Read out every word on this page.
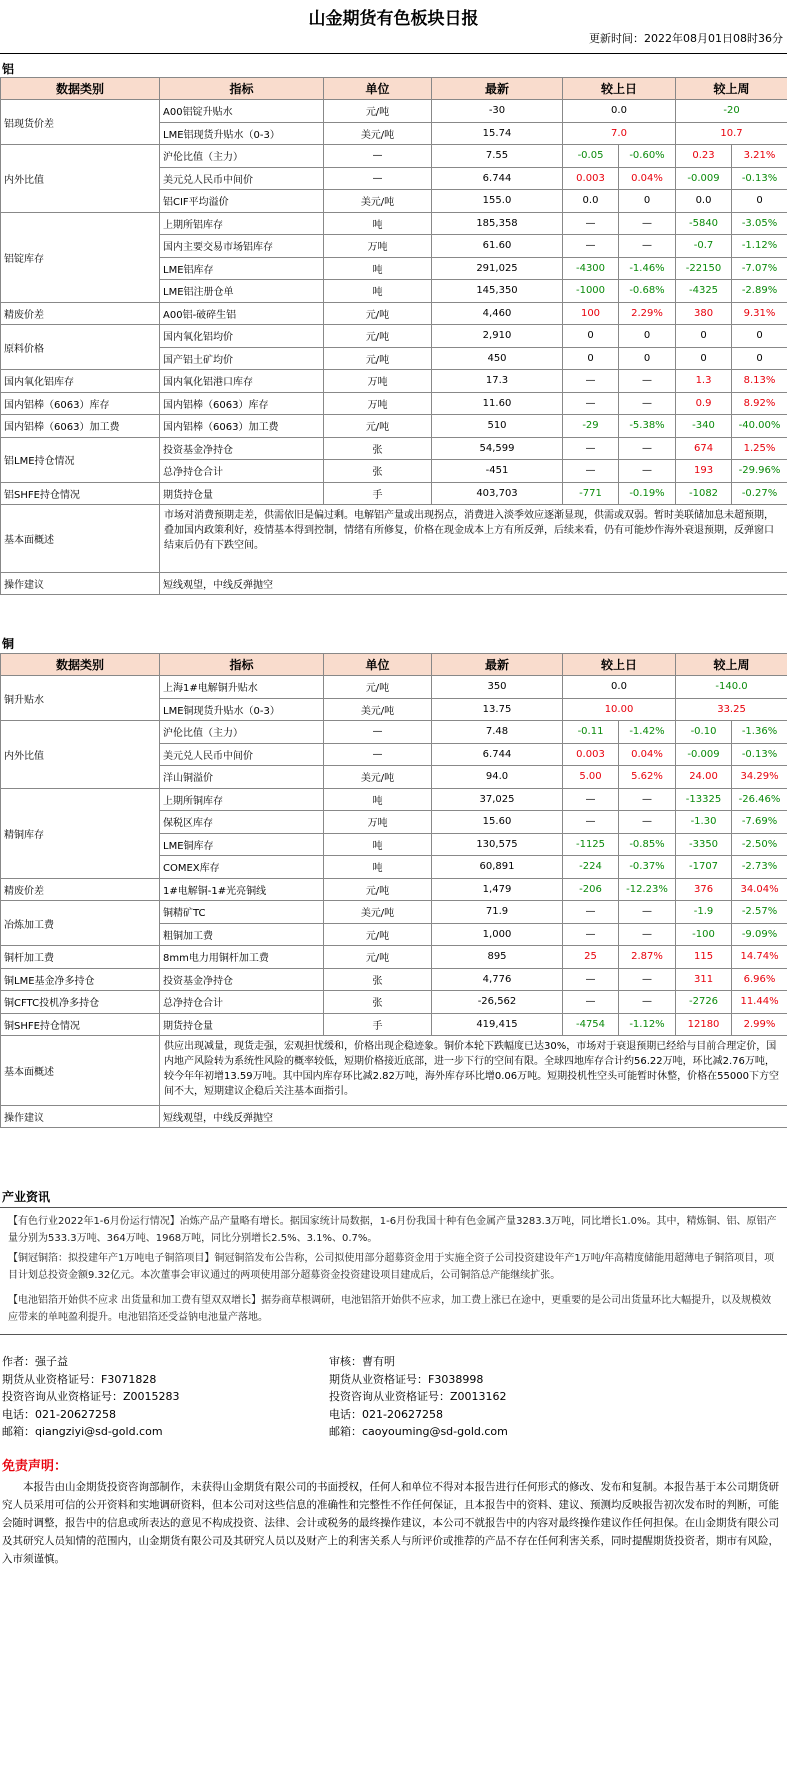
山金期货有色板块日报
更新时间：2022年08月01日08时36分
铝
数据类别	指标	单位	最新	较上日		较上周	
铝现货价差	A00铝锭升贴水	元/吨	-30	0.0		-20	
	LME铝现货升贴水（0-3）	美元/吨	15.74	7.0		10.7	
内外比值	沪伦比值（主力）	—	7.55	-0.05	-0.60%	0.23	3.21%
	美元兑人民币中间价	—	6.744	0.003	0.04%	-0.009	-0.13%
	铝CIF平均溢价	美元/吨	155.0	0.0	0	0.0	0
铝锭库存	上期所铝库存	吨	185,358	—	—	-5840	-3.05%
	国内主要交易市场铝库存	万吨	61.60	—	—	-0.7	-1.12%
	LME铝库存	吨	291,025	-4300	-1.46%	-22150	-7.07%
	LME铝注册仓单	吨	145,350	-1000	-0.68%	-4325	-2.89%
精废价差	A00铝-破碎生铝	元/吨	4,460	100	2.29%	380	9.31%
原料价格	国内氧化铝均价	元/吨	2,910	0	0	0	0
	国产铝土矿均价	元/吨	450	0	0	0	0
国内氧化铝库存	国内氧化铝港口库存	万吨	17.3	—	—	1.3	8.13%
国内铝棒（6063）库存	国内铝棒（6063）库存	万吨	11.60	—	—	0.9	8.92%
国内铝棒（6063）加工费	国内铝棒（6063）加工费	元/吨	510	-29	-5.38%	-340	-40.00%
铝LME持仓情况	投资基金净持仓	张	54,599	—	—	674	1.25%
	总净持仓合计	张	-451	—	—	193	-29.96%
铝SHFE持仓情况	期货持仓量	手	403,703	-771	-0.19%	-1082	-0.27%
基本面概述	市场对消费预期走差，供需依旧是偏过剩。电解铝产量或出现拐点，消费进入淡季效应逐渐显现，供需或双弱。暂时美联储加息未超预期，叠加国内政策利好，疫情基本得到控制，情绪有所修复，价格在现金成本上方有所反弹，后续来看，仍有可能炒作海外衰退预期，反弹窗口结束后仍有下跌空间。						
操作建议	短线观望，中线反弹抛空						
铜
数据类别	指标	单位	最新	较上日		较上周	
铜升贴水	上海1#电解铜升贴水	元/吨	350	0.0		-140.0	
	LME铜现货升贴水（0-3）	美元/吨	13.75	10.00		33.25	
内外比值	沪伦比值（主力）	—	7.48	-0.11	-1.42%	-0.10	-1.36%
	美元兑人民币中间价	—	6.744	0.003	0.04%	-0.009	-0.13%
	洋山铜溢价	美元/吨	94.0	5.00	5.62%	24.00	34.29%
精铜库存	上期所铜库存	吨	37,025	—	—	-13325	-26.46%
	保税区库存	万吨	15.60	—	—	-1.30	-7.69%
	LME铜库存	吨	130,575	-1125	-0.85%	-3350	-2.50%
	COMEX库存	吨	60,891	-224	-0.37%	-1707	-2.73%
精废价差	1#电解铜-1#光亮铜线	元/吨	1,479	-206	-12.23%	376	34.04%
冶炼加工费	铜精矿TC	美元/吨	71.9	—	—	-1.9	-2.57%
	粗铜加工费	元/吨	1,000	—	—	-100	-9.09%
铜杆加工费	8mm电力用铜杆加工费	元/吨	895	25	2.87%	115	14.74%
铜LME基金净多持仓	投资基金净持仓	张	4,776	—	—	311	6.96%
铜CFTC投机净多持仓	总净持仓合计	张	-26,562	—	—	-2726	11.44%
铜SHFE持仓情况	期货持仓量	手	419,415	-4754	-1.12%	12180	2.99%
基本面概述	供应出现减量，现货走强，宏观担忧缓和，价格出现企稳迹象。铜价本轮下跌幅度已达30%，市场对于衰退预期已经给与目前合理定价，国内地产风险转为系统性风险的概率较低，短期价格接近底部，进一步下行的空间有限。全球四地库存合计约56.22万吨，环比减2.76万吨，较今年年初增13.59万吨。其中国内库存环比减2.82万吨，海外库存环比增0.06万吨。短期投机性空头可能暂时休整，价格在55000下方空间不大，短期建议企稳后关注基本面指引。						
操作建议	短线观望，中线反弹抛空						
产业资讯
【有色行业2022年1-6月份运行情况】冶炼产品产量略有增长。据国家统计局数据，1-6月份我国十种有色金属产量3283.3万吨，同比增长1.0%。其中，精炼铜、铝、原铝产量分别为533.3万吨、364万吨、1968万吨，同比分别增长2.5%、3.1%、0.7%。
【铜冠铜箔：拟投建年产1万吨电子铜箔项目】铜冠铜箔发布公告称，公司拟使用部分超募资金用于实施全资子公司投资建设年产1万吨/年高精度储能用超薄电子铜箔项目，项目计划总投资金额9.32亿元。本次董事会审议通过的两项使用部分超募资金投资建设项目建成后，公司铜箔总产能继续扩张。
【电池铝箔开始供不应求 出货量和加工费有望双双增长】据券商草根调研，电池铝箔开始供不应求，加工费上涨已在途中，更重要的是公司出货量环比大幅提升，以及规模效应带来的单吨盈利提升。电池铝箔还受益钠电池量产落地。
作者：强子益
期货从业资格证号：F3071828
投资咨询从业资格证号：Z0015283
电话：021-20627258
邮箱：qiangziyi@sd-gold.com
审核：曹有明
期货从业资格证号：F3038998
投资咨询从业资格证号：Z0013162
电话：021-20627258
邮箱：caoyouming@sd-gold.com
免责声明：
本报告由山金期货投资咨询部制作，未获得山金期货有限公司的书面授权，任何人和单位不得对本报告进行任何形式的修改、发布和复制。本报告基于本公司期货研究人员采用可信的公开资料和实地调研资料，但本公司对这些信息的准确性和完整性不作任何保证，且本报告中的资料、建议、预测均反映报告初次发布时的判断，可能会随时调整，报告中的信息或所表达的意见不构成投资、法律、会计或税务的最终操作建议，本公司不就报告中的内容对最终操作建议作任何担保。在山金期货有限公司及其研究人员知情的范围内，山金期货有限公司及其研究人员以及财产上的利害关系人与所评价或推荐的产品不存在任何利害关系，同时提醒期货投资者，期市有风险，入市须谨慎。
